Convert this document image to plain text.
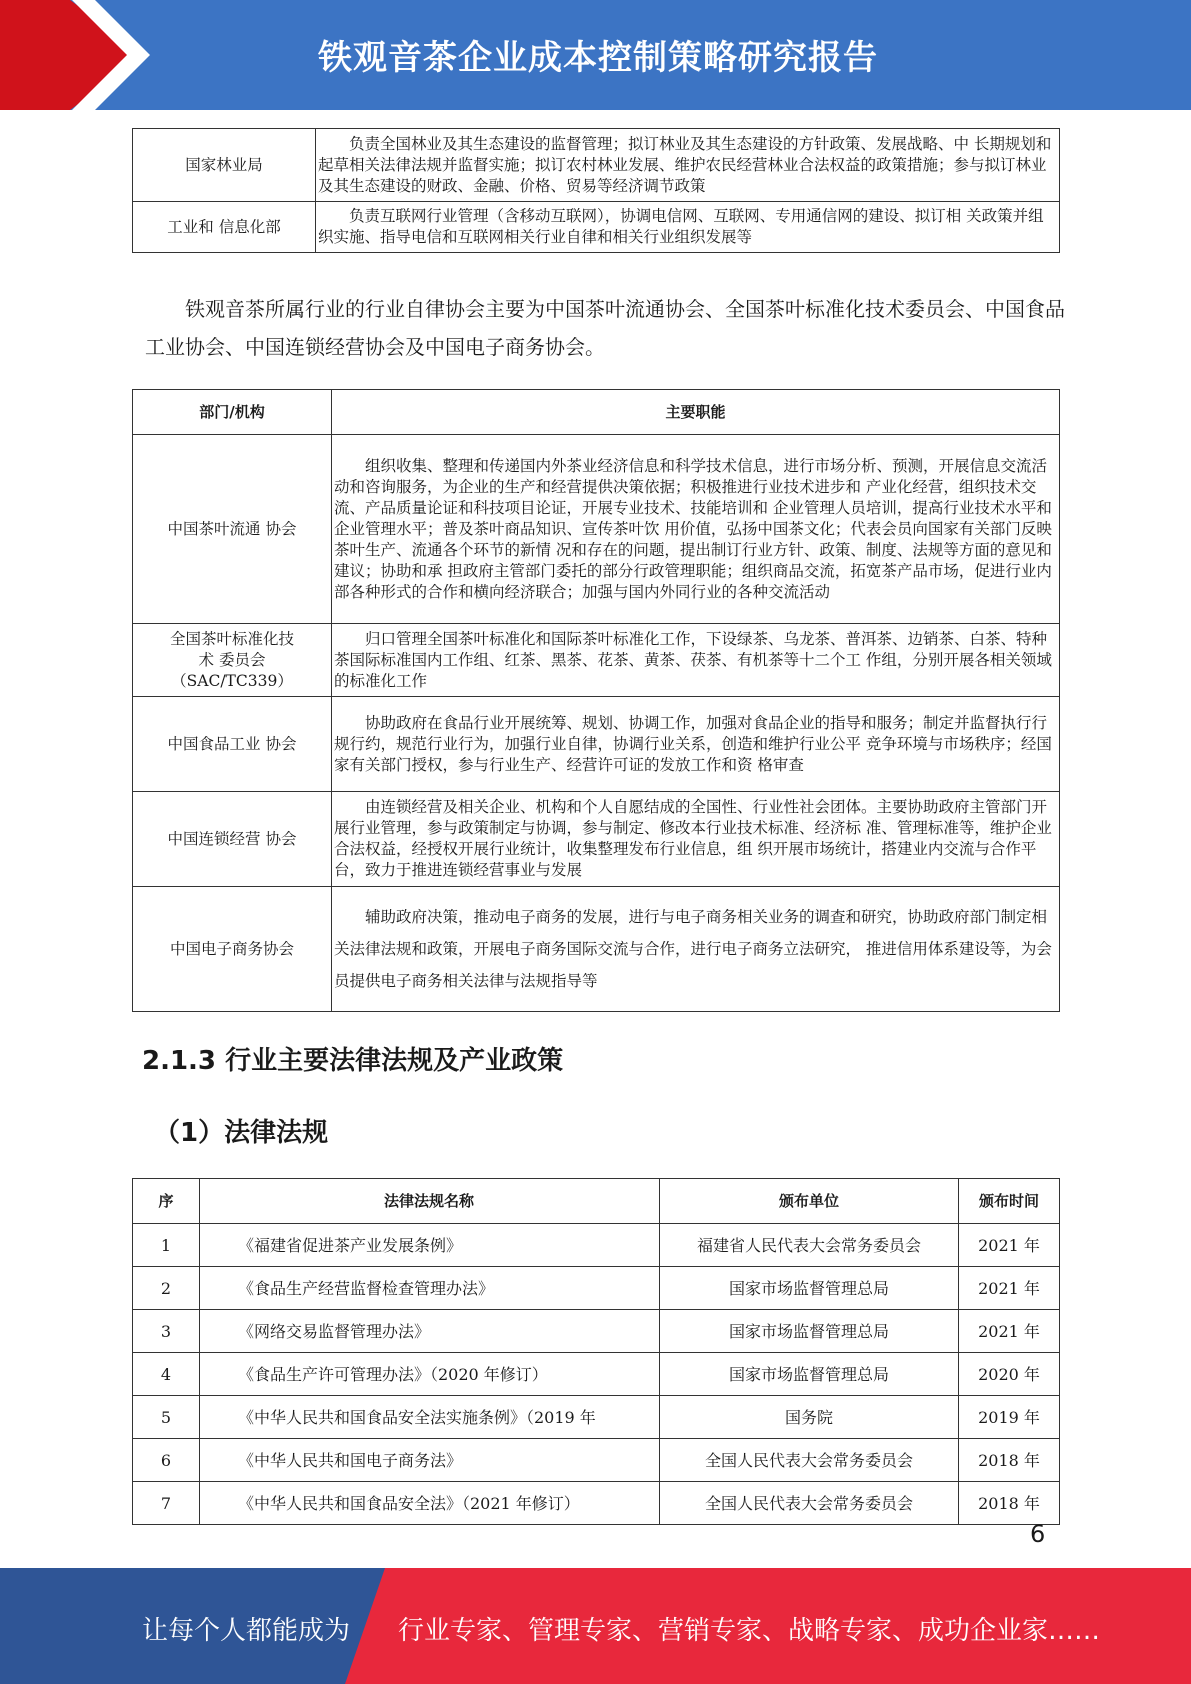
铁观音茶企业成本控制策略研究报告
国家林业局	负责全国林业及其生态建设的监督管理；拟订林业及其生态建设的方针政策、发展战略、中 长期规划和起草相关法律法规并监督实施；拟订农村林业发展、维护农民经营林业合法权益的政策措施；参与拟订林业及其生态建设的财政、金融、价格、贸易等经济调节政策
工业和 信息化部	负责互联网行业管理（含移动互联网），协调电信网、互联网、专用通信网的建设、拟订相 关政策并组织实施、指导电信和互联网相关行业自律和相关行业组织发展等
铁观音茶所属行业的行业自律协会主要为中国茶叶流通协会、全国茶叶标准化技术委员会、中国食品工业协会、中国连锁经营协会及中国电子商务协会。
部门/机构	主要职能
中国茶叶流通 协会	组织收集、整理和传递国内外茶业经济信息和科学技术信息，进行市场分析、预测，开展信息交流活动和咨询服务，为企业的生产和经营提供决策依据；积极推进行业技术进步和 产业化经营，组织技术交流、产品质量论证和科技项目论证，开展专业技术、技能培训和 企业管理人员培训，提高行业技术水平和企业管理水平；普及茶叶商品知识、宣传茶叶饮 用价值，弘扬中国茶文化；代表会员向国家有关部门反映茶叶生产、流通各个环节的新情 况和存在的问题，提出制订行业方针、政策、制度、法规等方面的意见和建议；协助和承 担政府主管部门委托的部分行政管理职能；组织商品交流，拓宽茶产品市场，促进行业内 部各种形式的合作和横向经济联合；加强与国内外同行业的各种交流活动

全国茶叶标准化技
术 委员会
（SAC/TC339）	归口管理全国茶叶标准化和国际茶叶标准化工作，下设绿茶、乌龙茶、普洱茶、边销茶、白茶、特种茶国际标准国内工作组、红茶、黑茶、花茶、黄茶、茯茶、有机茶等十二个工 作组，分别开展各相关领域的标准化工作
中国食品工业 协会	协助政府在食品行业开展统筹、规划、协调工作，加强对食品企业的指导和服务；制定并监督执行行规行约，规范行业行为，加强行业自律，协调行业关系，创造和维护行业公平 竞争环境与市场秩序；经国家有关部门授权，参与行业生产、经营许可证的发放工作和资 格审查
中国连锁经营 协会	由连锁经营及相关企业、机构和个人自愿结成的全国性、行业性社会团体。主要协助政府主管部门开展行业管理，参与政策制定与协调，参与制定、修改本行业技术标准、经济标 准、管理标准等，维护企业合法权益，经授权开展行业统计，收集整理发布行业信息，组 织开展市场统计，搭建业内交流与合作平台，致力于推进连锁经营事业与发展
中国电子商务协会	辅助政府决策，推动电子商务的发展，进行与电子商务相关业务的调查和研究，协助政府部门制定相关法律法规和政策，开展电子商务国际交流与合作，进行电子商务立法研究， 推进信用体系建设等，为会员提供电子商务相关法律与法规指导等
2.1.3 行业主要法律法规及产业政策
（1）法律法规
序	法律法规名称	颁布单位	颁布时间
1	《福建省促进茶产业发展条例》	福建省人民代表大会常务委员会	2021 年
2	《食品生产经营监督检查管理办法》	国家市场监督管理总局	2021 年
3	《网络交易监督管理办法》	国家市场监督管理总局	2021 年
4	《食品生产许可管理办法》（2020 年修订）	国家市场监督管理总局	2020 年
5	《中华人民共和国食品安全法实施条例》（2019 年	国务院	2019 年
6	《中华人民共和国电子商务法》	全国人民代表大会常务委员会	2018 年
7	《中华人民共和国食品安全法》（2021 年修订）	全国人民代表大会常务委员会	2018 年
6
让每个人都能成为 行业专家、管理专家、营销专家、战略专家、成功企业家……
